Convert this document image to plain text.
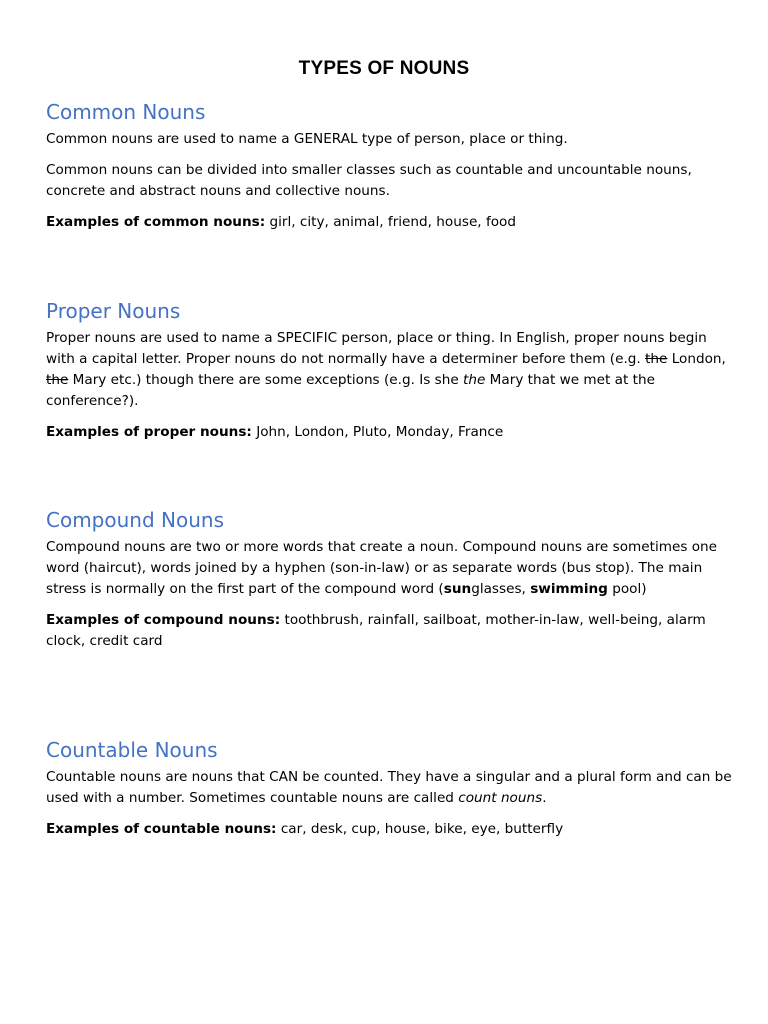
TYPES OF NOUNS
Common Nouns

Common nouns are used to name a GENERAL type of person, place or thing.

Common nouns can be divided into smaller classes such as countable and uncountable nouns, concrete and abstract nouns and collective nouns.

Examples of common nouns: girl, city, animal, friend, house, food

Proper Nouns

Proper nouns are used to name a SPECIFIC person, place or thing. In English, proper nouns begin with a capital letter. Proper nouns do not normally have a determiner before them (e.g. the London, the Mary etc.) though there are some exceptions (e.g. Is she the Mary that we met at the conference?).

Examples of proper nouns: John, London, Pluto, Monday, France

Compound Nouns

Compound nouns are two or more words that create a noun. Compound nouns are sometimes one word (haircut), words joined by a hyphen (son-in-law) or as separate words (bus stop). The main stress is normally on the first part of the compound word (sunglasses, swimming pool)

Examples of compound nouns: toothbrush, rainfall, sailboat, mother-in-law, well-being, alarm clock, credit card

Countable Nouns

Countable nouns are nouns that CAN be counted. They have a singular and a plural form and can be used with a number. Sometimes countable nouns are called count nouns.

Examples of countable nouns: car, desk, cup, house, bike, eye, butterfly
